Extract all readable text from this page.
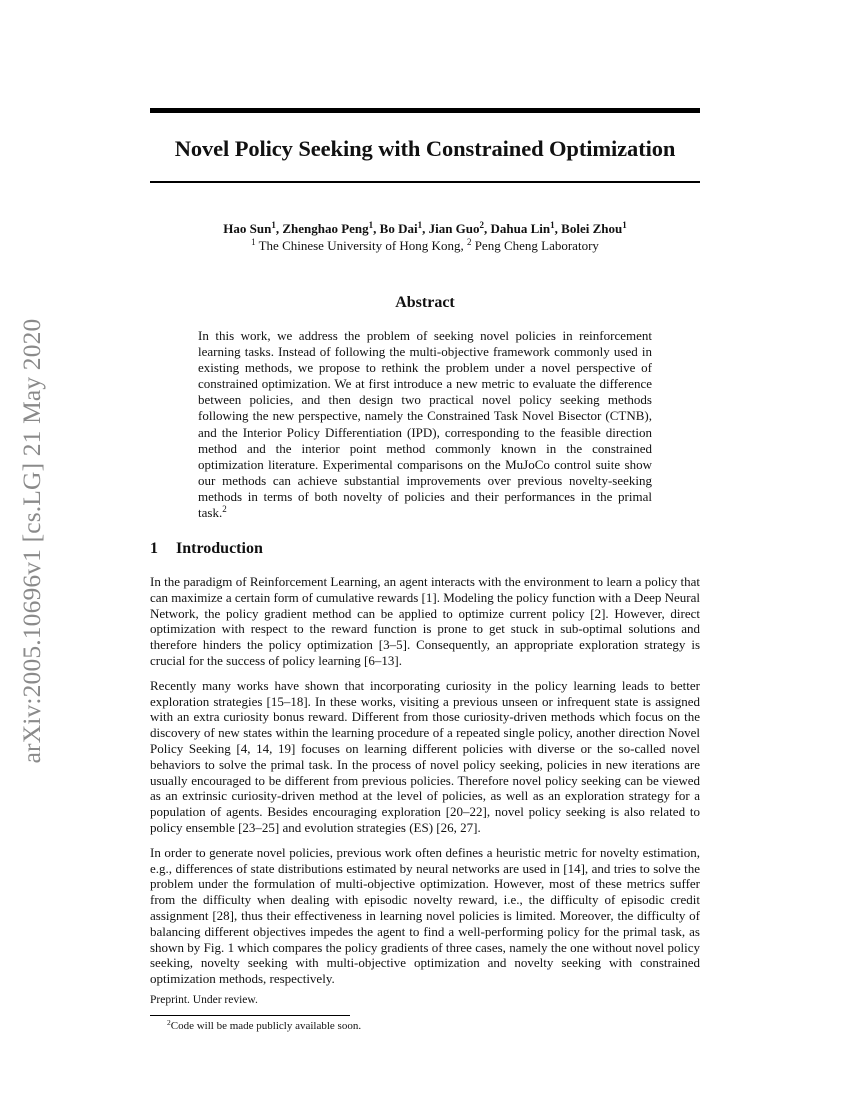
Novel Policy Seeking with Constrained Optimization
Hao Sun$^1$, Zhenghao Peng$^1$, Bo Dai$^1$, Jian Guo$^2$, Dahua Lin$^1$, Bolei Zhou$^1$
$^1$ The Chinese University of Hong Kong, $^2$ Peng Cheng Laboratory
arXiv:2005.10696v1 [cs.LG] 21 May 2020
Abstract

In this work, we address the problem of seeking novel policies in reinforcement learning tasks. Instead of following the multi-objective framework commonly used in existing methods, we propose to rethink the problem under a novel perspective of constrained optimization. We at first introduce a new metric to evaluate the difference between policies, and then design two practical novel policy seeking methods following the new perspective, namely the Constrained Task Novel Bisector (CTNB), and the Interior Policy Differentiation (IPD), corresponding to the feasible direction method and the interior point method commonly known in the constrained optimization literature. Experimental comparisons on the MuJoCo control suite show our methods can achieve substantial improvements over previous novelty-seeking methods in terms of both novelty of policies and their performances in the primal task.$^2$

1 Introduction

In the paradigm of Reinforcement Learning, an agent interacts with the environment to learn a policy that can maximize a certain form of cumulative rewards [1]. Modeling the policy function with a Deep Neural Network, the policy gradient method can be applied to optimize current policy [2]. However, direct optimization with respect to the reward function is prone to get stuck in sub-optimal solutions and therefore hinders the policy optimization [3–5]. Consequently, an appropriate exploration strategy is crucial for the success of policy learning [6–13].

Recently many works have shown that incorporating curiosity in the policy learning leads to better exploration strategies [15–18]. In these works, visiting a previous unseen or infrequent state is assigned with an extra curiosity bonus reward. Different from those curiosity-driven methods which focus on the discovery of new states within the learning procedure of a repeated single policy, another direction Novel Policy Seeking [4, 14, 19] focuses on learning different policies with diverse or the so-called novel behaviors to solve the primal task. In the process of novel policy seeking, policies in new iterations are usually encouraged to be different from previous policies. Therefore novel policy seeking can be viewed as an extrinsic curiosity-driven method at the level of policies, as well as an exploration strategy for a population of agents. Besides encouraging exploration [20–22], novel policy seeking is also related to policy ensemble [23–25] and evolution strategies (ES) [26, 27].

In order to generate novel policies, previous work often defines a heuristic metric for novelty estimation, e.g., differences of state distributions estimated by neural networks are used in [14], and tries to solve the problem under the formulation of multi-objective optimization. However, most of these metrics suffer from the difficulty when dealing with episodic novelty reward, i.e., the difficulty of episodic credit assignment [28], thus their effectiveness in learning novel policies is limited. Moreover, the difficulty of balancing different objectives impedes the agent to find a well-performing policy for the primal task, as shown by Fig. 1 which compares the policy gradients of three cases, namely the one without novel policy seeking, novelty seeking with multi-objective optimization and novelty seeking with constrained optimization methods, respectively.

Preprint. Under review.
$^2$Code will be made publicly available soon.
